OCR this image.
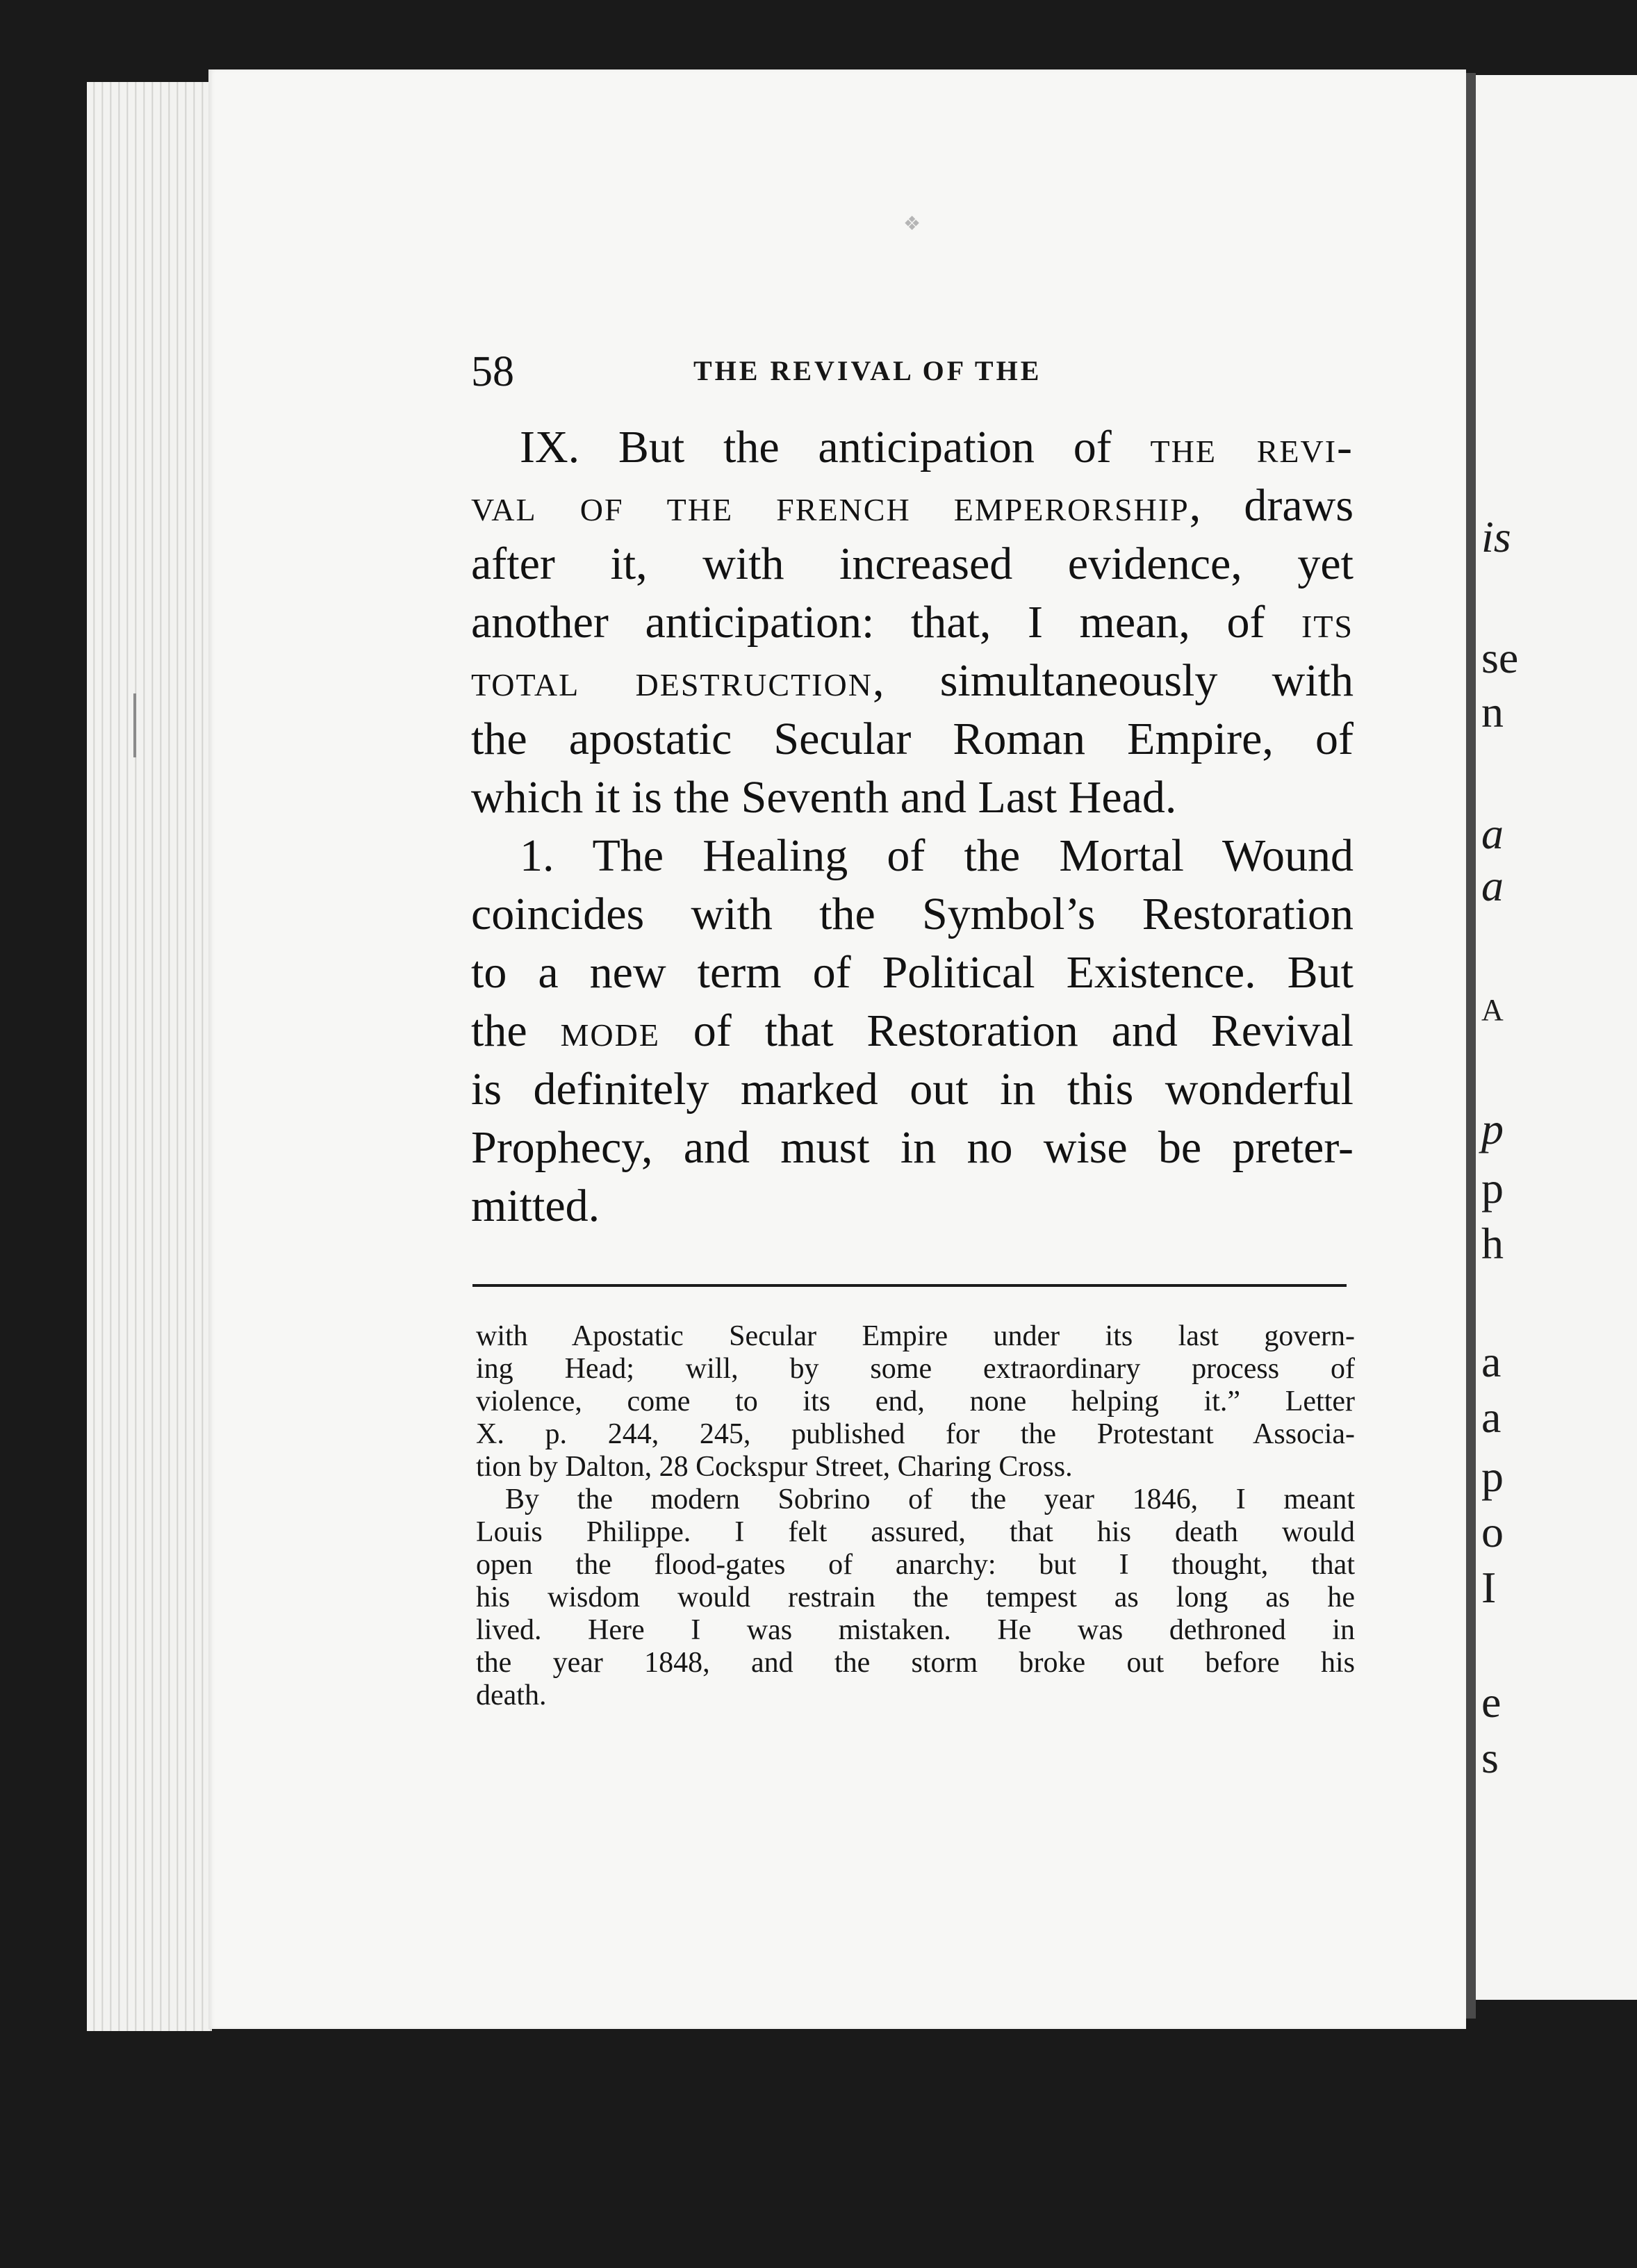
is
se
n
a
a
A
p
p
h
a
a
p
o
I
e
s
❖
58	THE REVIVAL OF THE
IX. But the anticipation of the revi-
val of the french emperorship, draws
after it, with increased evidence, yet
another anticipation: that, I mean, of its
total destruction, simultaneously with
the apostatic Secular Roman Empire, of
which it is the Seventh and Last Head.
1. The Healing of the Mortal Wound
coincides with the Symbol’s Restoration
to a new term of Political Existence. But
the mode of that Restoration and Revival
is definitely marked out in this wonderful
Prophecy, and must in no wise be preter-
mitted.
with Apostatic Secular Empire under its last govern-
ing Head; will, by some extraordinary process of
violence, come to its end, none helping it.” Letter
X. p. 244, 245, published for the Protestant Associa-
tion by Dalton, 28 Cockspur Street, Charing Cross.
By the modern Sobrino of the year 1846, I meant
Louis Philippe. I felt assured, that his death would
open the flood-gates of anarchy: but I thought, that
his wisdom would restrain the tempest as long as he
lived. Here I was mistaken. He was dethroned in
the year 1848, and the storm broke out before his
death.
